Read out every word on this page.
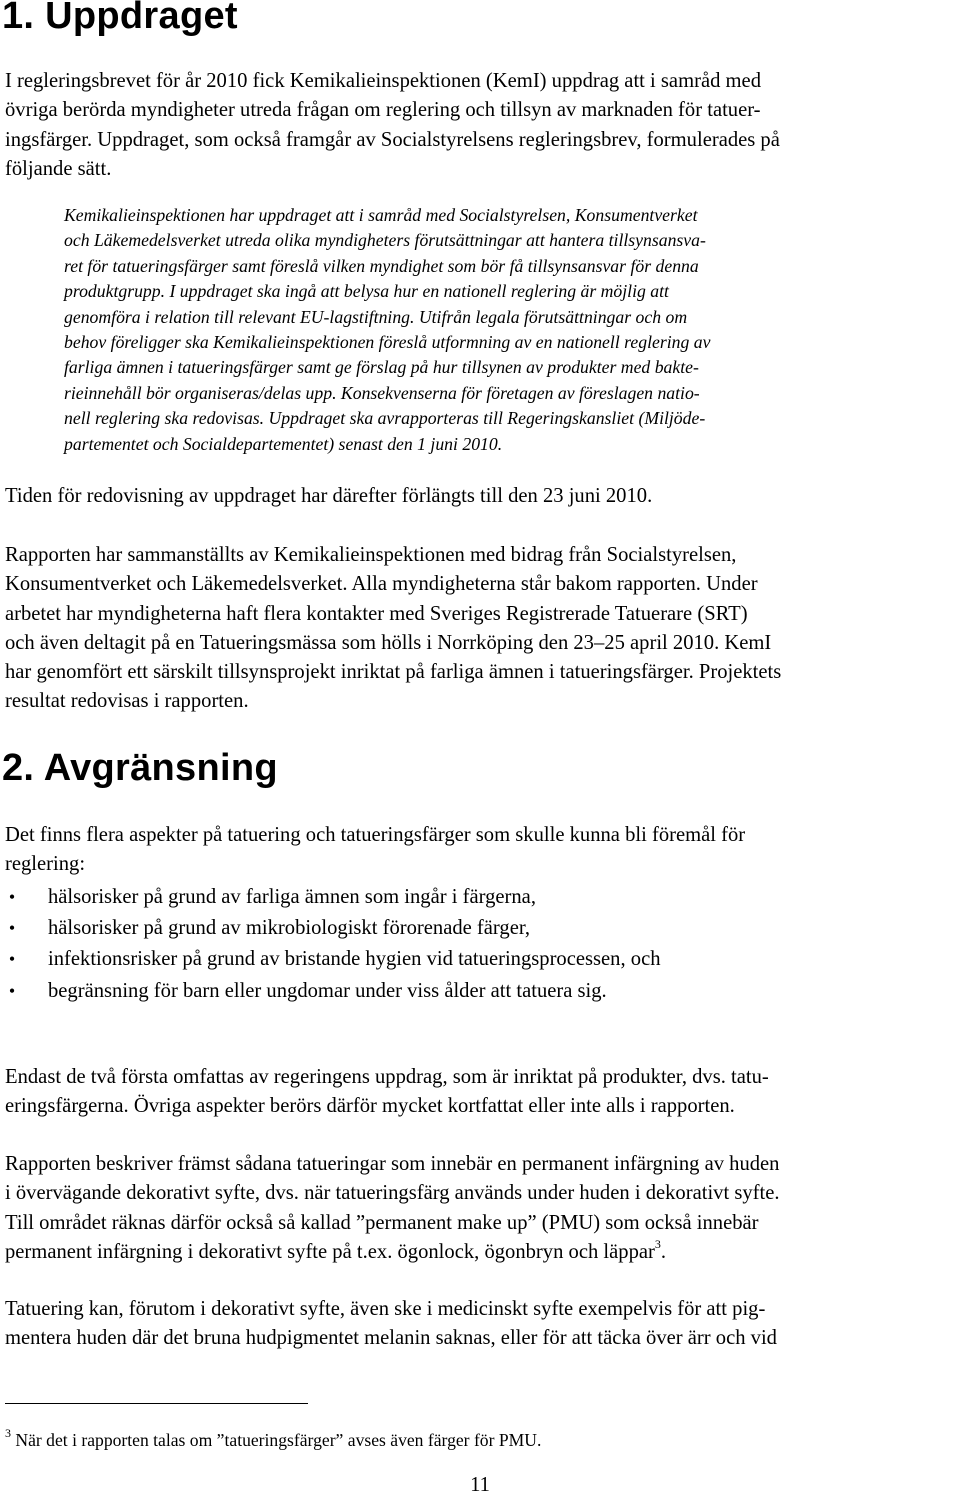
1. Uppdraget

I regleringsbrevet för år 2010 fick Kemikalieinspektionen (KemI) uppdrag att i samråd med
övriga berörda myndigheter utreda frågan om reglering och tillsyn av marknaden för tatuer-
ingsfärger. Uppdraget, som också framgår av Socialstyrelsens regleringsbrev, formulerades på
följande sätt.

Kemikalieinspektionen har uppdraget att i samråd med Socialstyrelsen, Konsumentverket
och Läkemedelsverket utreda olika myndigheters förutsättningar att hantera tillsynsansva-
ret för tatueringsfärger samt föreslå vilken myndighet som bör få tillsynsansvar för denna
produktgrupp. I uppdraget ska ingå att belysa hur en nationell reglering är möjlig att
genomföra i relation till relevant EU-lagstiftning. Utifrån legala förutsättningar och om
behov föreligger ska Kemikalieinspektionen föreslå utformning av en nationell reglering av
farliga ämnen i tatueringsfärger samt ge förslag på hur tillsynen av produkter med bakte-
rieinnehåll bör organiseras/delas upp. Konsekvenserna för företagen av föreslagen natio-
nell reglering ska redovisas. Uppdraget ska avrapporteras till Regeringskansliet (Miljöde-
partementet och Socialdepartementet) senast den 1 juni 2010.

Tiden för redovisning av uppdraget har därefter förlängts till den 23 juni 2010.

Rapporten har sammanställts av Kemikalieinspektionen med bidrag från Socialstyrelsen,
Konsumentverket och Läkemedelsverket. Alla myndigheterna står bakom rapporten. Under
arbetet har myndigheterna haft flera kontakter med Sveriges Registrerade Tatuerare (SRT)
och även deltagit på en Tatueringsmässa som hölls i Norrköping den 23–25 april 2010. KemI
har genomfört ett särskilt tillsynsprojekt inriktat på farliga ämnen i tatueringsfärger. Projektets
resultat redovisas i rapporten.

2. Avgränsning

Det finns flera aspekter på tatuering och tatueringsfärger som skulle kunna bli föremål för
reglering:

• hälsorisker på grund av farliga ämnen som ingår i färgerna,
• hälsorisker på grund av mikrobiologiskt förorenade färger,
• infektionsrisker på grund av bristande hygien vid tatueringsprocessen, och
• begränsning för barn eller ungdomar under viss ålder att tatuera sig.

Endast de två första omfattas av regeringens uppdrag, som är inriktat på produkter, dvs. tatu-
eringsfärgerna. Övriga aspekter berörs därför mycket kortfattat eller inte alls i rapporten.

Rapporten beskriver främst sådana tatueringar som innebär en permanent infärgning av huden
i övervägande dekorativt syfte, dvs. när tatueringsfärg används under huden i dekorativt syfte.
Till området räknas därför också så kallad ”permanent make up” (PMU) som också innebär
permanent infärgning i dekorativt syfte på t.ex. ögonlock, ögonbryn och läppar$^3$.

Tatuering kan, förutom i dekorativt syfte, även ske i medicinskt syfte exempelvis för att pig-
mentera huden där det bruna hudpigmentet melanin saknas, eller för att täcka över ärr och vid

$^3$ När det i rapporten talas om ”tatueringsfärger” avses även färger för PMU.

11
